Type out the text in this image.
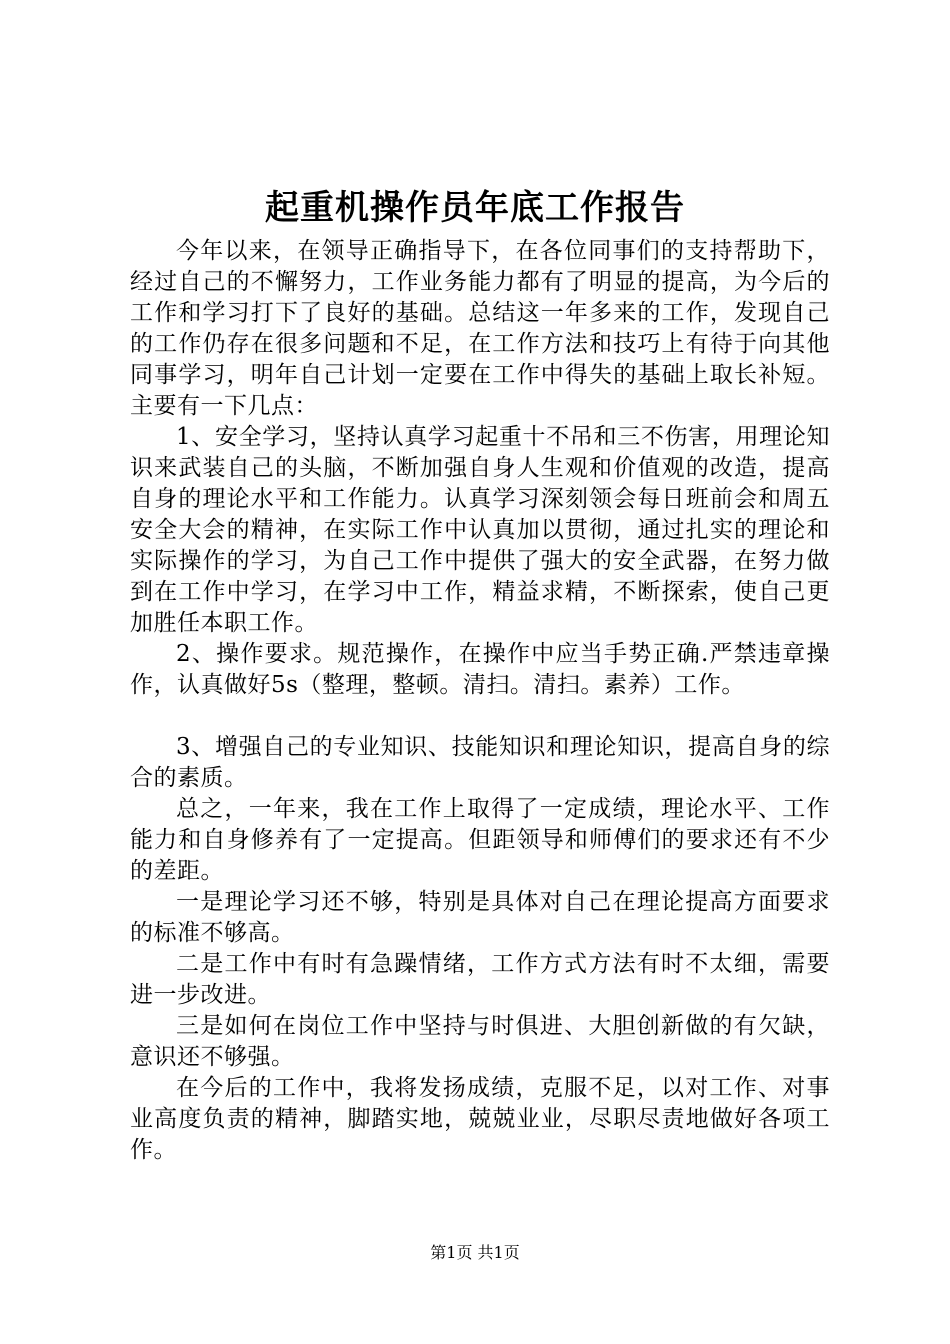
起重机操作员年底工作报告

今年以来，在领导正确指导下，在各位同事们的支持帮助下，经过自己的不懈努力，工作业务能力都有了明显的提高，为今后的工作和学习打下了良好的基础。总结这一年多来的工作，发现自己的工作仍存在很多问题和不足，在工作方法和技巧上有待于向其他同事学习，明年自己计划一定要在工作中得失的基础上取长补短。主要有一下几点：

1、安全学习，坚持认真学习起重十不吊和三不伤害，用理论知识来武装自己的头脑，不断加强自身人生观和价值观的改造，提高自身的理论水平和工作能力。认真学习深刻领会每日班前会和周五安全大会的精神，在实际工作中认真加以贯彻，通过扎实的理论和实际操作的学习，为自己工作中提供了强大的安全武器，在努力做到在工作中学习，在学习中工作，精益求精，不断探索，使自己更加胜任本职工作。

2、操作要求。规范操作，在操作中应当手势正确.严禁违章操作，认真做好5s（整理，整顿。清扫。清扫。素养）工作。

3、增强自己的专业知识、技能知识和理论知识，提高自身的综合的素质。

总之，一年来，我在工作上取得了一定成绩，理论水平、工作能力和自身修养有了一定提高。但距领导和师傅们的要求还有不少的差距。

一是理论学习还不够，特别是具体对自己在理论提高方面要求的标准不够高。

二是工作中有时有急躁情绪，工作方式方法有时不太细，需要进一步改进。

三是如何在岗位工作中坚持与时俱进、大胆创新做的有欠缺，意识还不够强。

在今后的工作中，我将发扬成绩，克服不足，以对工作、对事业高度负责的精神，脚踏实地，兢兢业业，尽职尽责地做好各项工作。

第1页 共1页
